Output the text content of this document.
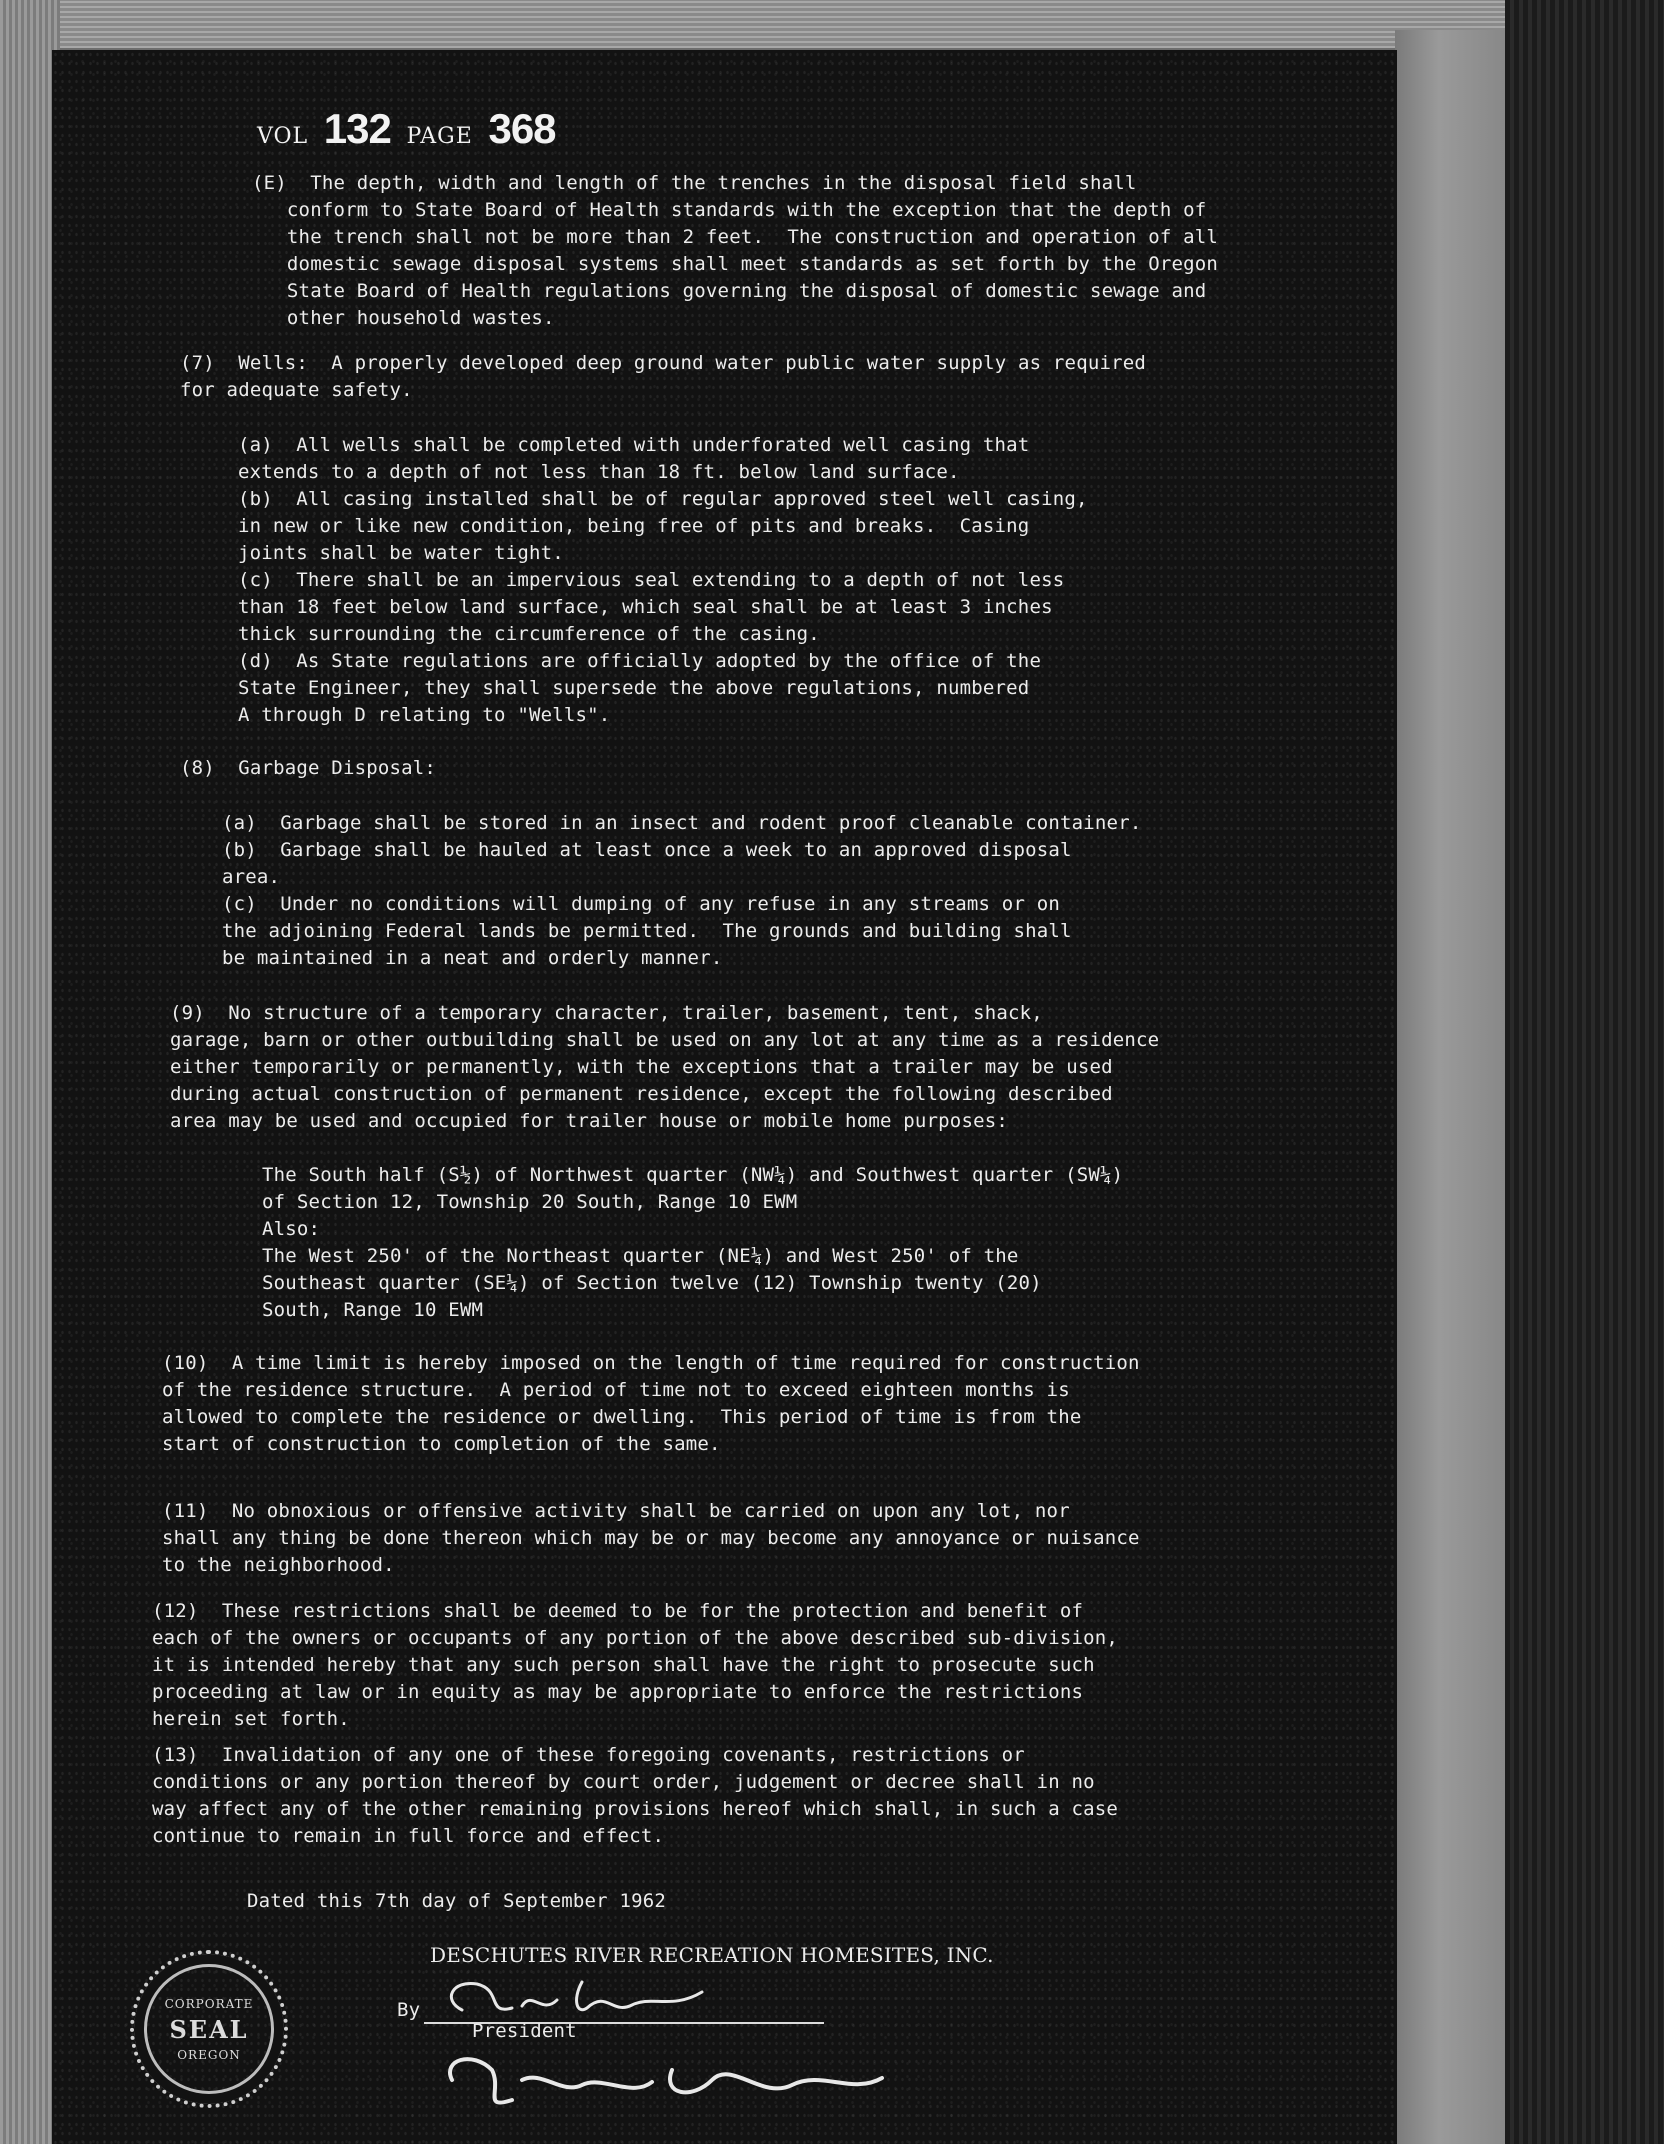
VOL 132 PAGE 368
(E)  The depth, width and length of the trenches in the disposal field shall
conform to State Board of Health standards with the exception that the depth of
the trench shall not be more than 2 feet.  The construction and operation of all
domestic sewage disposal systems shall meet standards as set forth by the Oregon
State Board of Health regulations governing the disposal of domestic sewage and
other household wastes.
(7)  Wells:  A properly developed deep ground water public water supply as required
for adequate safety.
(a)  All wells shall be completed with underforated well casing that
extends to a depth of not less than 18 ft. below land surface.
(b)  All casing installed shall be of regular approved steel well casing,
in new or like new condition, being free of pits and breaks.  Casing
joints shall be water tight.
(c)  There shall be an impervious seal extending to a depth of not less
than 18 feet below land surface, which seal shall be at least 3 inches
thick surrounding the circumference of the casing.
(d)  As State regulations are officially adopted by the office of the
State Engineer, they shall supersede the above regulations, numbered
A through D relating to "Wells".
(8)  Garbage Disposal:
(a)  Garbage shall be stored in an insect and rodent proof cleanable container.
(b)  Garbage shall be hauled at least once a week to an approved disposal
area.
(c)  Under no conditions will dumping of any refuse in any streams or on
the adjoining Federal lands be permitted.  The grounds and building shall
be maintained in a neat and orderly manner.
(9)  No structure of a temporary character, trailer, basement, tent, shack,
garage, barn or other outbuilding shall be used on any lot at any time as a residence
either temporarily or permanently, with the exceptions that a trailer may be used
during actual construction of permanent residence, except the following described
area may be used and occupied for trailer house or mobile home purposes:
The South half (S½) of Northwest quarter (NW¼) and Southwest quarter (SW¼)
of Section 12, Township 20 South, Range 10 EWM
Also:
The West 250' of the Northeast quarter (NE¼) and West 250' of the
Southeast quarter (SE¼) of Section twelve (12) Township twenty (20)
South, Range 10 EWM
(10)  A time limit is hereby imposed on the length of time required for construction
of the residence structure.  A period of time not to exceed eighteen months is
allowed to complete the residence or dwelling.  This period of time is from the
start of construction to completion of the same.
(11)  No obnoxious or offensive activity shall be carried on upon any lot, nor
shall any thing be done thereon which may be or may become any annoyance or nuisance
to the neighborhood.
(12)  These restrictions shall be deemed to be for the protection and benefit of
each of the owners or occupants of any portion of the above described sub-division,
it is intended hereby that any such person shall have the right to prosecute such
proceeding at law or in equity as may be appropriate to enforce the restrictions
herein set forth.
(13)  Invalidation of any one of these foregoing covenants, restrictions or
conditions or any portion thereof by court order, judgement or decree shall in no
way affect any of the other remaining provisions hereof which shall, in such a case
continue to remain in full force and effect.
Dated this 7th day of September 1962
DESCHUTES RIVER RECREATION HOMESITES, INC.
By
President
CORPORATE
SEAL
OREGON
